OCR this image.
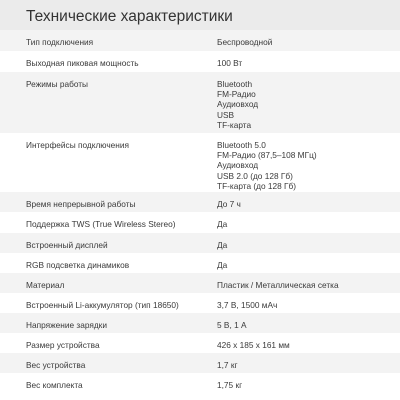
Технические характеристики
Тип подключения	Беспроводной
Выходная пиковая мощность	100 Вт
Режимы работы	Bluetooth
FM-Радио
Аудиовход
USB
TF-карта
Интерфейсы подключения	Bluetooth 5.0
FM-Радио (87,5–108 МГц)
Аудиовход
USB 2.0 (до 128 Гб)
TF-карта (до 128 Гб)
Время непрерывной работы	До 7 ч
Поддержка TWS (True Wireless Stereo)	Да
Встроенный дисплей	Да
RGB подсветка динамиков	Да
Материал	Пластик / Металлическая сетка
Встроенный Li-аккумулятор (тип 18650)	3,7 В, 1500 мАч
Напряжение зарядки	5 В, 1 А
Размер устройства	426 x 185 x 161 мм
Вес устройства	1,7 кг
Вес комплекта	1,75 кг
